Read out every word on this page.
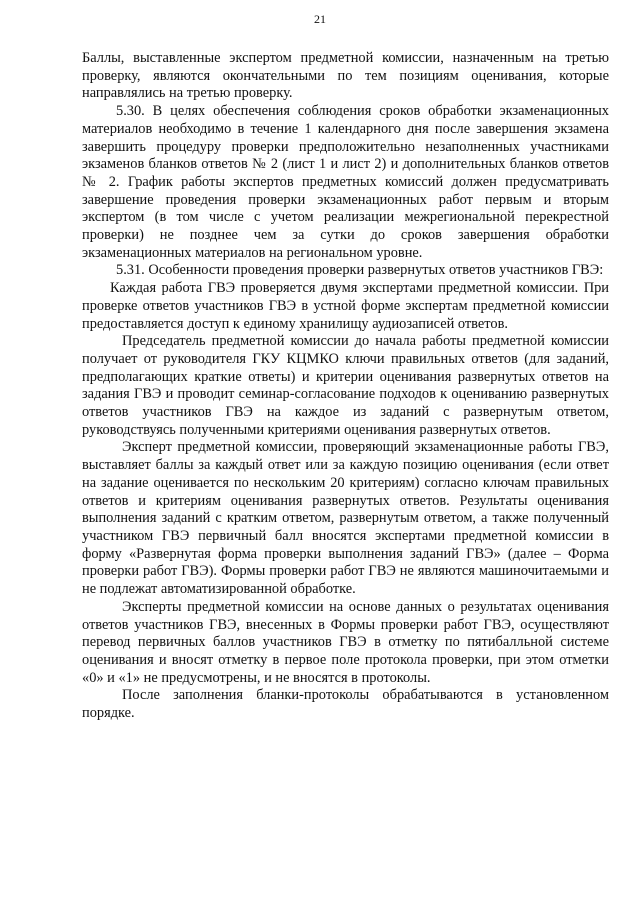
21

Баллы, выставленные экспертом предметной комиссии, назначенным на третью проверку, являются окончательными по тем позициям оценивания, которые направлялись на третью проверку.

5.30. В целях обеспечения соблюдения сроков обработки экзаменационных материалов необходимо в течение 1 календарного дня после завершения экзамена завершить процедуру проверки предположительно незаполненных участниками экзаменов бланков ответов № 2 (лист 1 и лист 2) и дополнительных бланков ответов № 2. График работы экспертов предметных комиссий должен предусматривать завершение проведения проверки экзаменационных работ первым и вторым экспертом (в том числе с учетом реализации межрегиональной перекрестной проверки) не позднее чем за сутки до сроков завершения обработки экзаменационных материалов на региональном уровне.

5.31. Особенности проведения проверки развернутых ответов участников ГВЭ:

Каждая работа ГВЭ проверяется двумя экспертами предметной комиссии. При проверке ответов участников ГВЭ в устной форме экспертам предметной комиссии предоставляется доступ к единому хранилищу аудиозаписей ответов.

Председатель предметной комиссии до начала работы предметной комиссии получает от руководителя ГКУ КЦМКО ключи правильных ответов (для заданий, предполагающих краткие ответы) и критерии оценивания развернутых ответов на задания ГВЭ и проводит семинар-согласование подходов к оцениванию развернутых ответов участников ГВЭ на каждое из заданий с развернутым ответом, руководствуясь полученными критериями оценивания развернутых ответов.

Эксперт предметной комиссии, проверяющий экзаменационные работы ГВЭ, выставляет баллы за каждый ответ или за каждую позицию оценивания (если ответ на задание оценивается по нескольким 20 критериям) согласно ключам правильных ответов и критериям оценивания развернутых ответов. Результаты оценивания выполнения заданий с кратким ответом, развернутым ответом, а также полученный участником ГВЭ первичный балл вносятся экспертами предметной комиссии в форму «Развернутая форма проверки выполнения заданий ГВЭ» (далее – Форма проверки работ ГВЭ). Формы проверки работ ГВЭ не являются машиночитаемыми и не подлежат автоматизированной обработке.

Эксперты предметной комиссии на основе данных о результатах оценивания ответов участников ГВЭ, внесенных в Формы проверки работ ГВЭ, осуществляют перевод первичных баллов участников ГВЭ в отметку по пятибалльной системе оценивания и вносят отметку в первое поле протокола проверки, при этом отметки «0» и «1» не предусмотрены, и не вносятся в протоколы.

После заполнения бланки-протоколы обрабатываются в установленном порядке.
